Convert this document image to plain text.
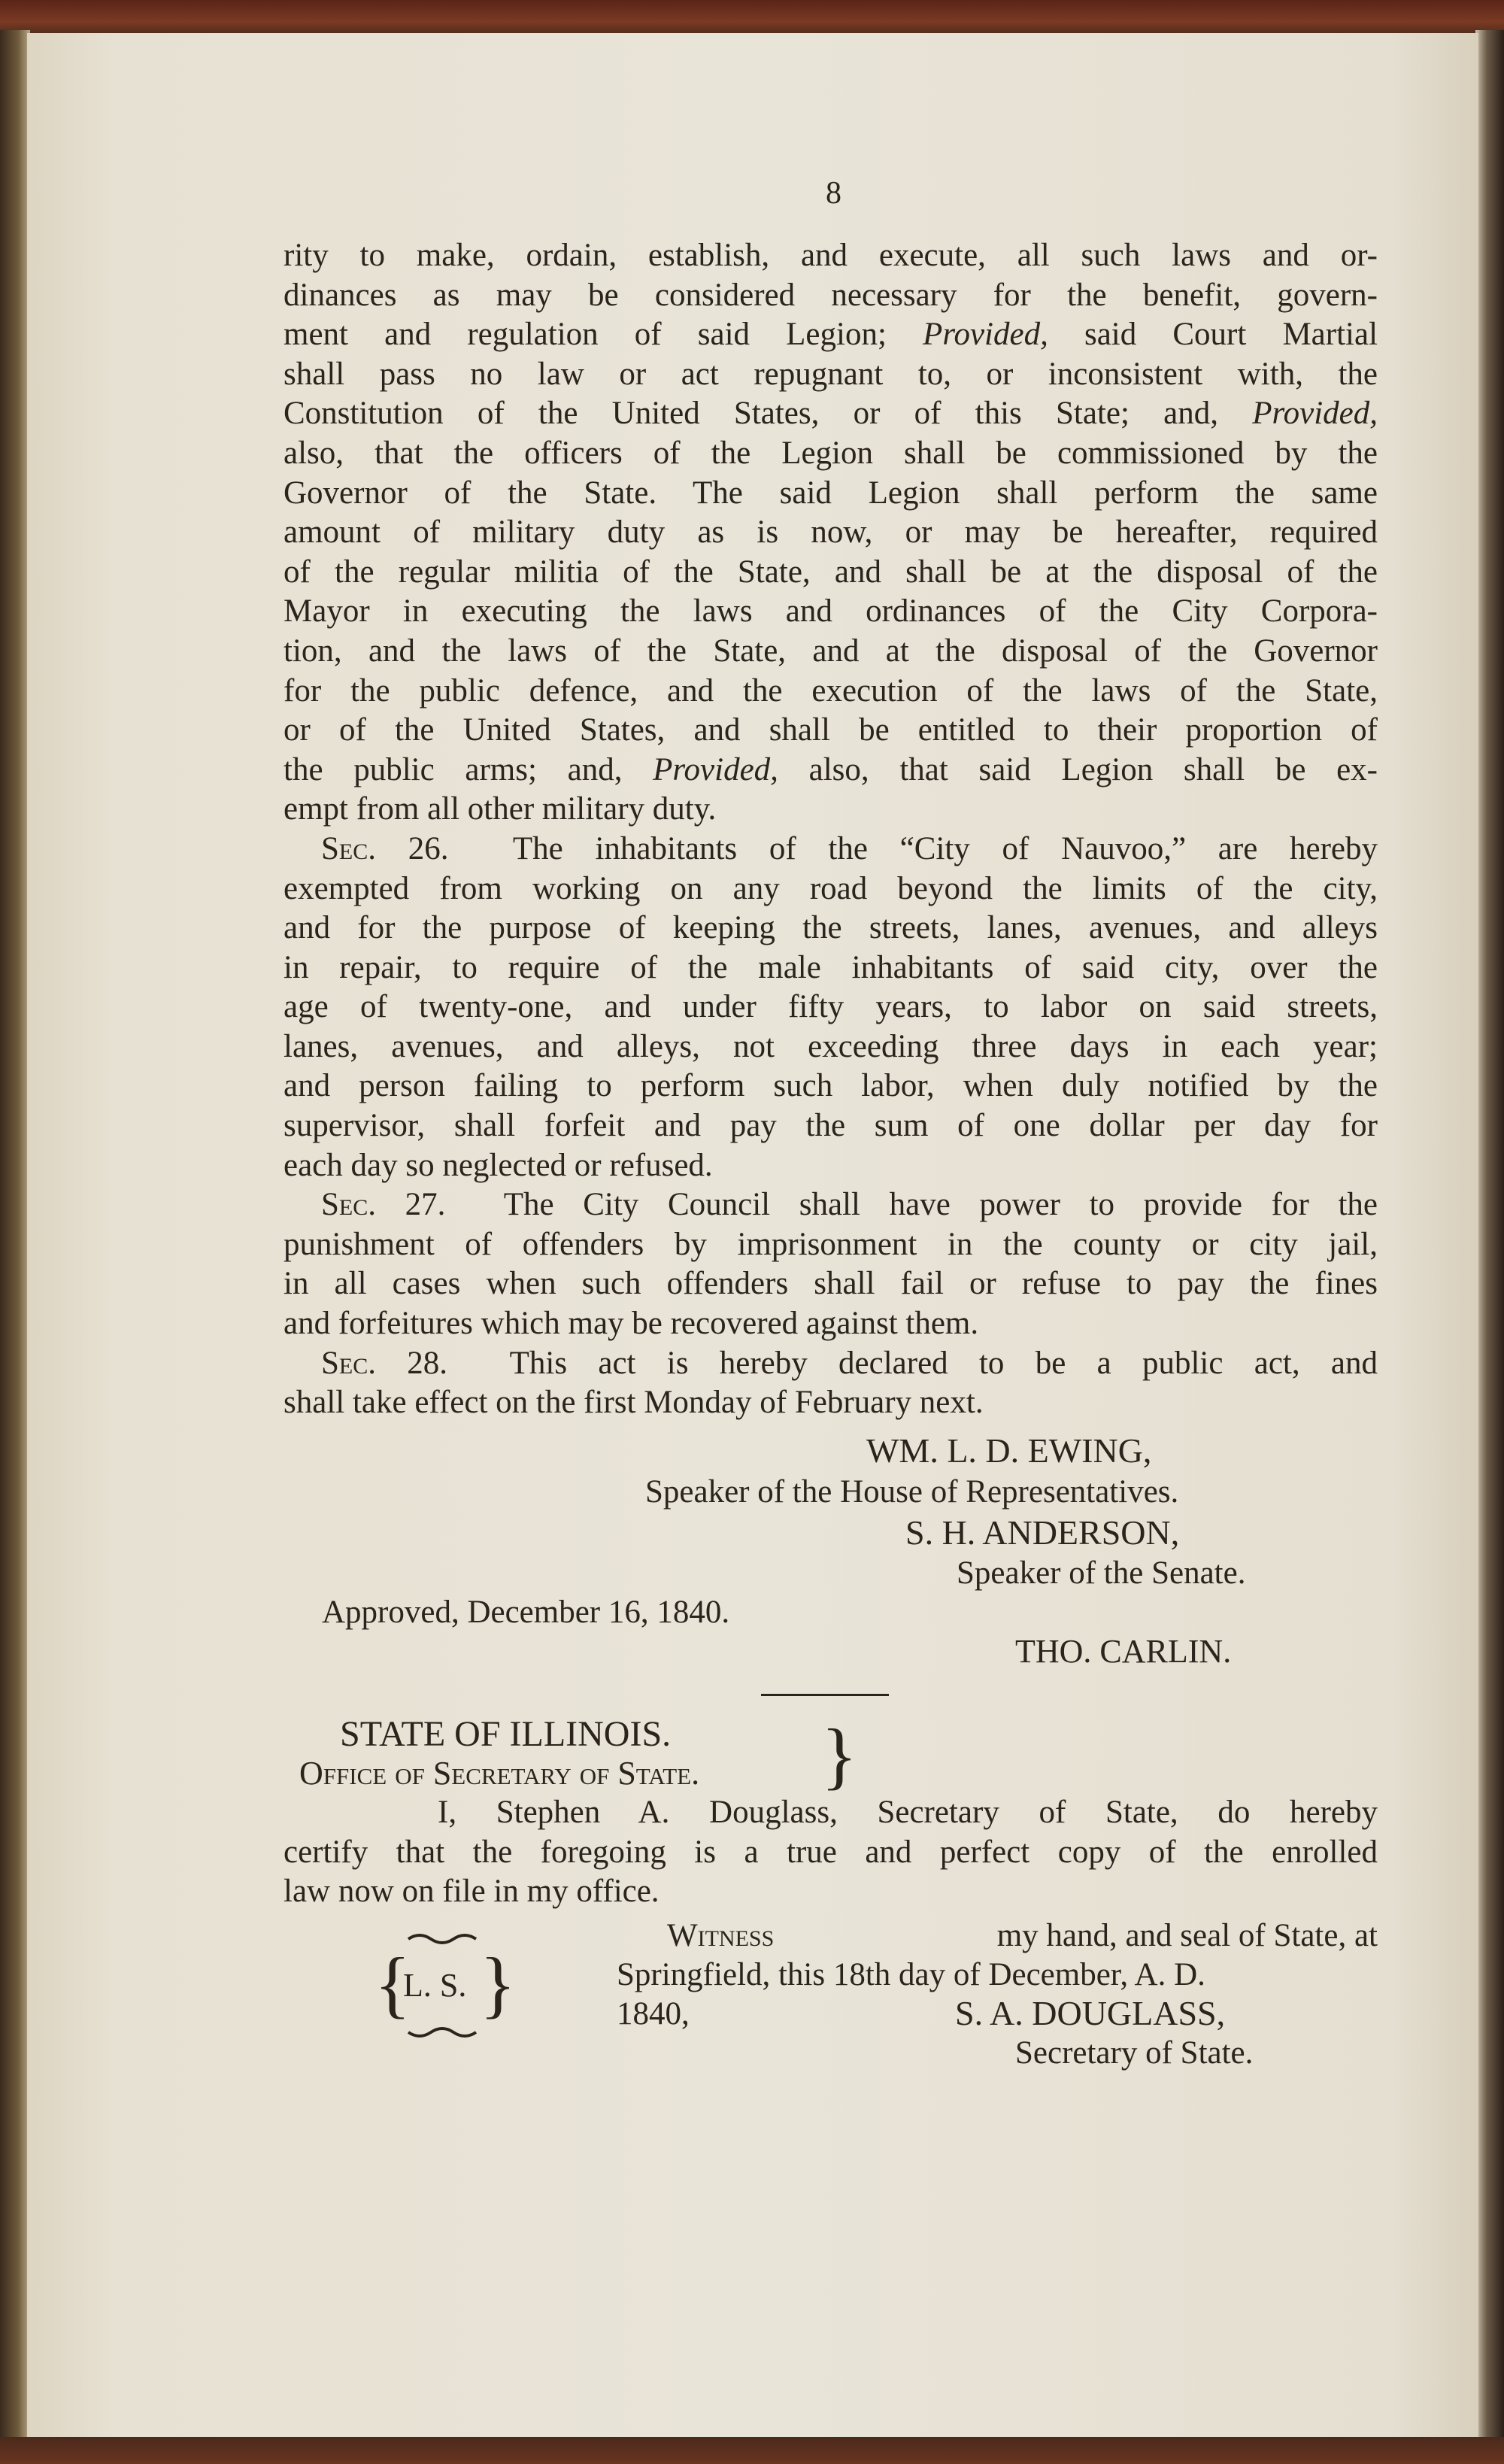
8
rity to make, ordain, establish, and execute, all such laws and or-
dinances as may be considered necessary for the benefit, govern-
ment and regulation of said Legion; Provided, said Court Martial
shall pass no law or act repugnant to, or inconsistent with, the
Constitution of the United States, or of this State; and, Provided,
also, that the officers of the Legion shall be commissioned by the
Governor of the State. The said Legion shall perform the same
amount of military duty as is now, or may be hereafter, required
of the regular militia of the State, and shall be at the disposal of the
Mayor in executing the laws and ordinances of the City Corpora-
tion, and the laws of the State, and at the disposal of the Governor
for the public defence, and the execution of the laws of the State,
or of the United States, and shall be entitled to their proportion of
the public arms; and, Provided, also, that said Legion shall be ex-
empt from all other military duty.
Sec. 26. The inhabitants of the “City of Nauvoo,” are hereby
exempted from working on any road beyond the limits of the city,
and for the purpose of keeping the streets, lanes, avenues, and alleys
in repair, to require of the male inhabitants of said city, over the
age of twenty-one, and under fifty years, to labor on said streets,
lanes, avenues, and alleys, not exceeding three days in each year;
and person failing to perform such labor, when duly notified by the
supervisor, shall forfeit and pay the sum of one dollar per day for
each day so neglected or refused.
Sec. 27. The City Council shall have power to provide for the
punishment of offenders by imprisonment in the county or city jail,
in all cases when such offenders shall fail or refuse to pay the fines
and forfeitures which may be recovered against them.
Sec. 28. This act is hereby declared to be a public act, and
shall take effect on the first Monday of February next.
WM. L. D. EWING,
Speaker of the House of Representatives.
S. H. ANDERSON,
Speaker of the Senate.
Approved, December 16, 1840.
THO. CARLIN.
STATE OF ILLINOIS.
Office of Secretary of State. }
I, Stephen A. Douglass, Secretary of State, do hereby
certify that the foregoing is a true and perfect copy of the enrolled
law now on file in my office.
Witness	my hand, and seal of State, at
Springfield, this 18th day of December, A. D.
1840,	S. A. DOUGLASS,
Secretary of State.
{
L. S. }
